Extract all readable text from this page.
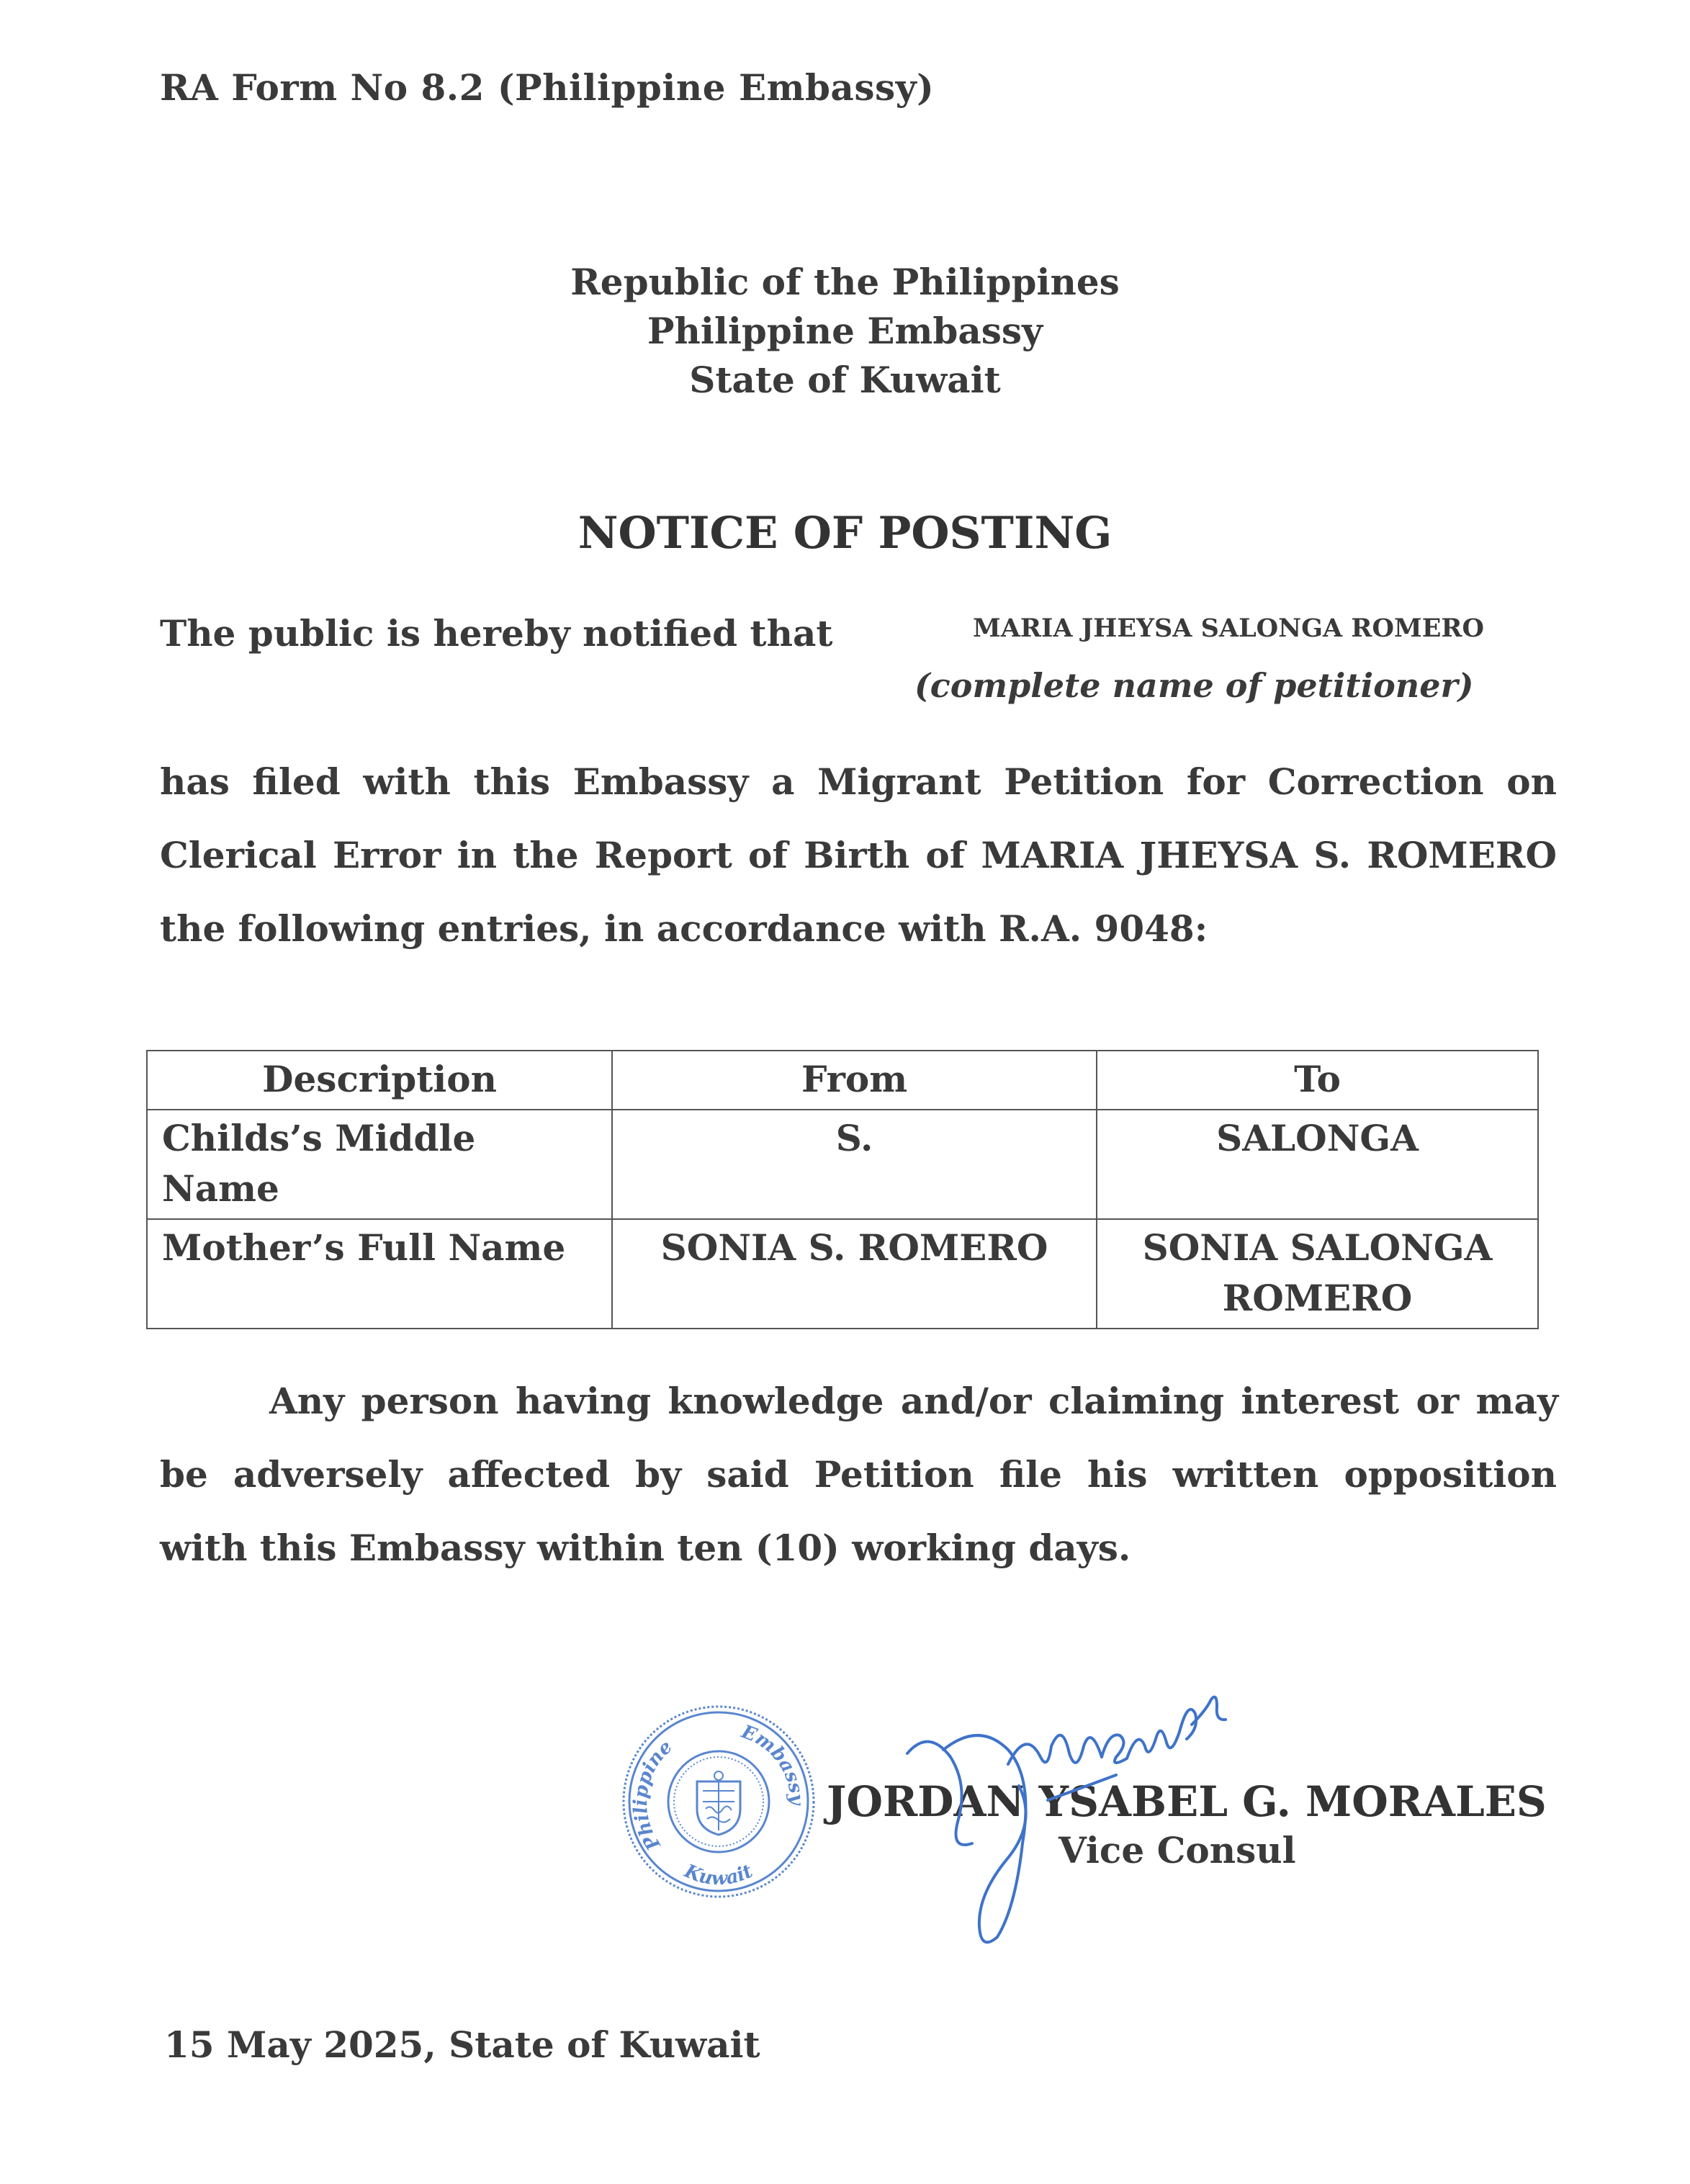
RA Form No 8.2 (Philippine Embassy)
Republic of the Philippines
Philippine Embassy
State of Kuwait
NOTICE OF POSTING
The public is hereby notified that	MARIA JHEYSA SALONGA ROMERO
(complete name of petitioner)
has filed with this Embassy a Migrant Petition for Correction on
Clerical Error in the Report of Birth of MARIA JHEYSA S. ROMERO
the following entries, in accordance with R.A. 9048:
Description	From	To
Childs’s Middle Name	S.	SALONGA
Mother’s Full Name	SONIA S. ROMERO	SONIA SALONGA ROMERO
Any person having knowledge and/or claiming interest or may
be adversely affected by said Petition file his written opposition
with this Embassy within ten (10) working days.
Philippine
Embassy
Kuwait
JORDAN YSABEL G. MORALES
Vice Consul
15 May 2025, State of Kuwait
